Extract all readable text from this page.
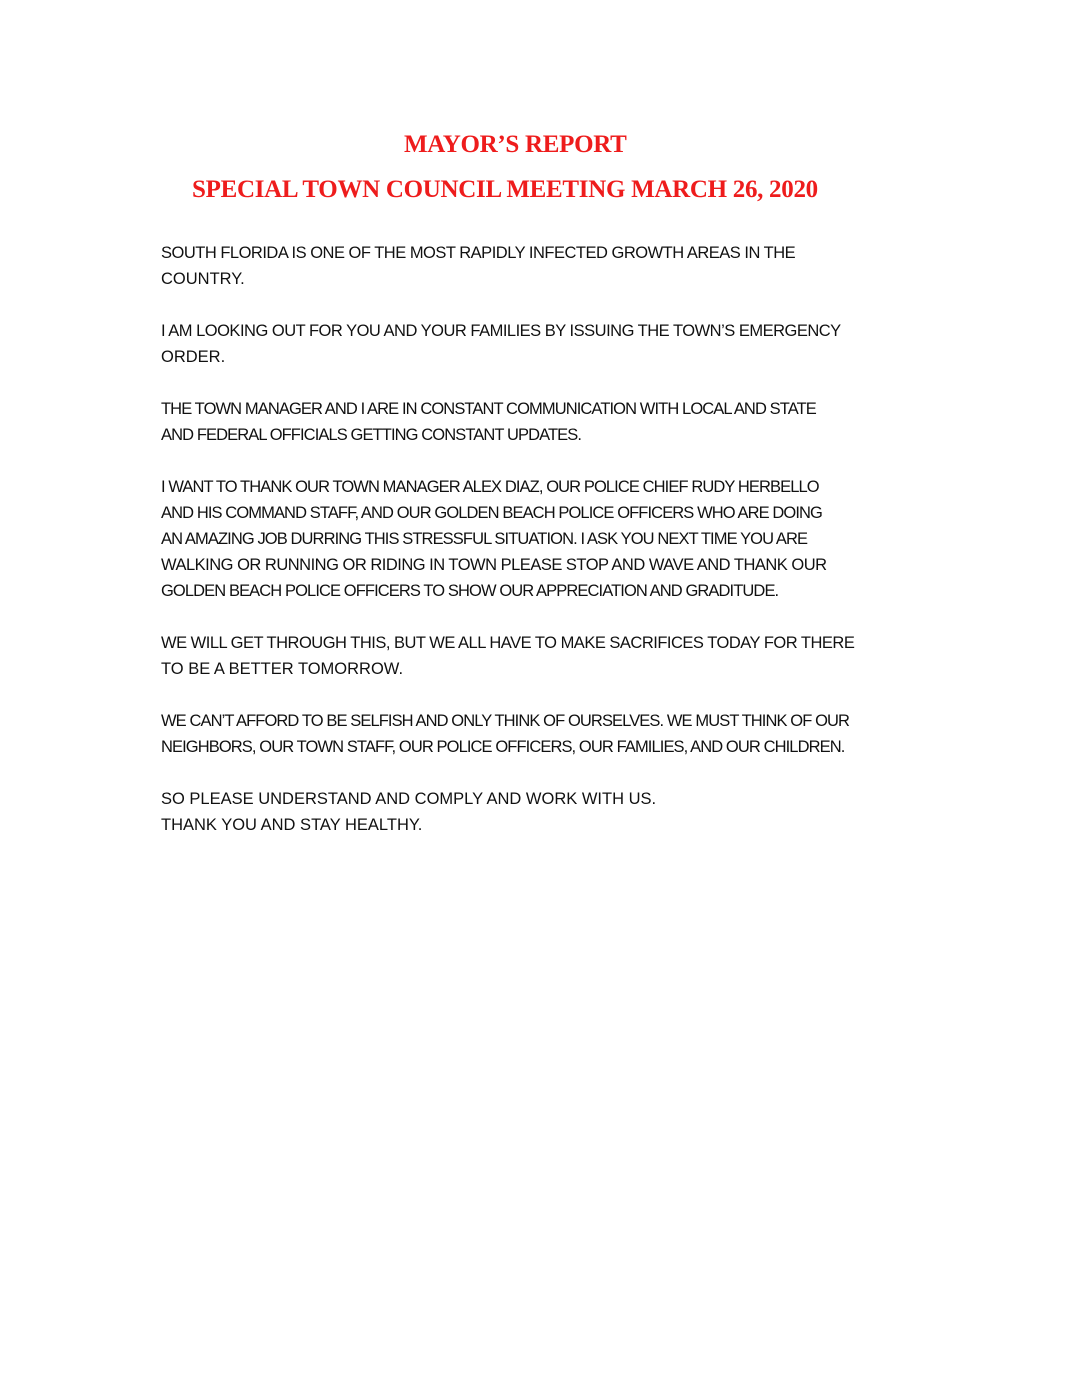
MAYOR’S REPORT
SPECIAL TOWN COUNCIL MEETING MARCH 26, 2020

SOUTH FLORIDA IS ONE OF THE MOST RAPIDLY INFECTED GROWTH AREAS IN THE
COUNTRY.

I AM LOOKING OUT FOR YOU AND YOUR FAMILIES BY ISSUING THE TOWN’S EMERGENCY
ORDER.

THE TOWN MANAGER AND I ARE IN CONSTANT COMMUNICATION WITH LOCAL AND STATE
AND FEDERAL OFFICIALS GETTING CONSTANT UPDATES.

I WANT TO THANK OUR TOWN MANAGER ALEX DIAZ, OUR POLICE CHIEF RUDY HERBELLO
AND HIS COMMAND STAFF, AND OUR GOLDEN BEACH POLICE OFFICERS WHO ARE DOING
AN AMAZING JOB DURRING THIS STRESSFUL SITUATION. I ASK YOU NEXT TIME YOU ARE
WALKING OR RUNNING OR RIDING IN TOWN PLEASE STOP AND WAVE AND THANK OUR
GOLDEN BEACH POLICE OFFICERS TO SHOW OUR APPRECIATION AND GRADITUDE.

WE WILL GET THROUGH THIS, BUT WE ALL HAVE TO MAKE SACRIFICES TODAY FOR THERE
TO BE A BETTER TOMORROW.

WE CAN’T AFFORD TO BE SELFISH AND ONLY THINK OF OURSELVES. WE MUST THINK OF OUR
NEIGHBORS, OUR TOWN STAFF, OUR POLICE OFFICERS, OUR FAMILIES, AND OUR CHILDREN.

SO PLEASE UNDERSTAND AND COMPLY AND WORK WITH US.
THANK YOU AND STAY HEALTHY.
